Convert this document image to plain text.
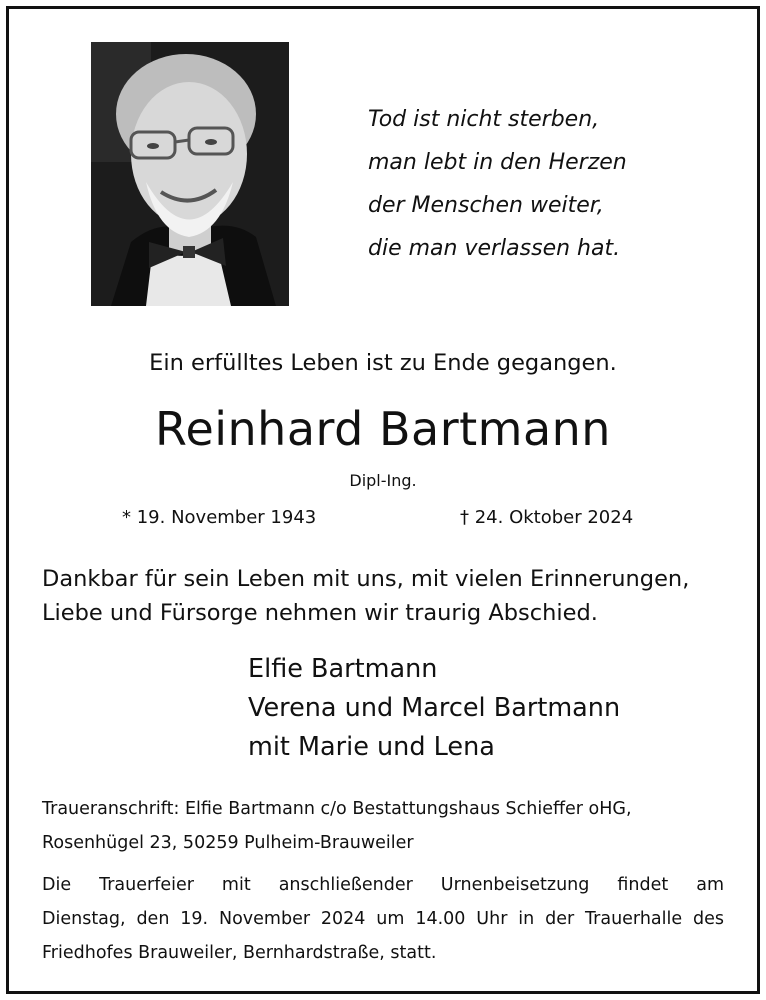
Tod ist nicht sterben,
man lebt in den Herzen
der Menschen weiter,
die man verlassen hat.
Ein erfülltes Leben ist zu Ende gegangen.
Reinhard Bartmann
Dipl-Ing.
* 19. November 1943	† 24. Oktober 2024
Dankbar für sein Leben mit uns, mit vielen Erinnerungen,
Liebe und Fürsorge nehmen wir traurig Abschied.
Elfie Bartmann
Verena und Marcel Bartmann
mit Marie und Lena
Traueranschrift: Elfie Bartmann c/o Bestattungshaus Schieffer oHG,
Rosenhügel 23, 50259 Pulheim-Brauweiler
Die Trauerfeier mit anschließender Urnenbeisetzung findet am
Dienstag, den 19. November 2024 um 14.00 Uhr in der Trauerhalle des
Friedhofes Brauweiler, Bernhardstraße, statt.
